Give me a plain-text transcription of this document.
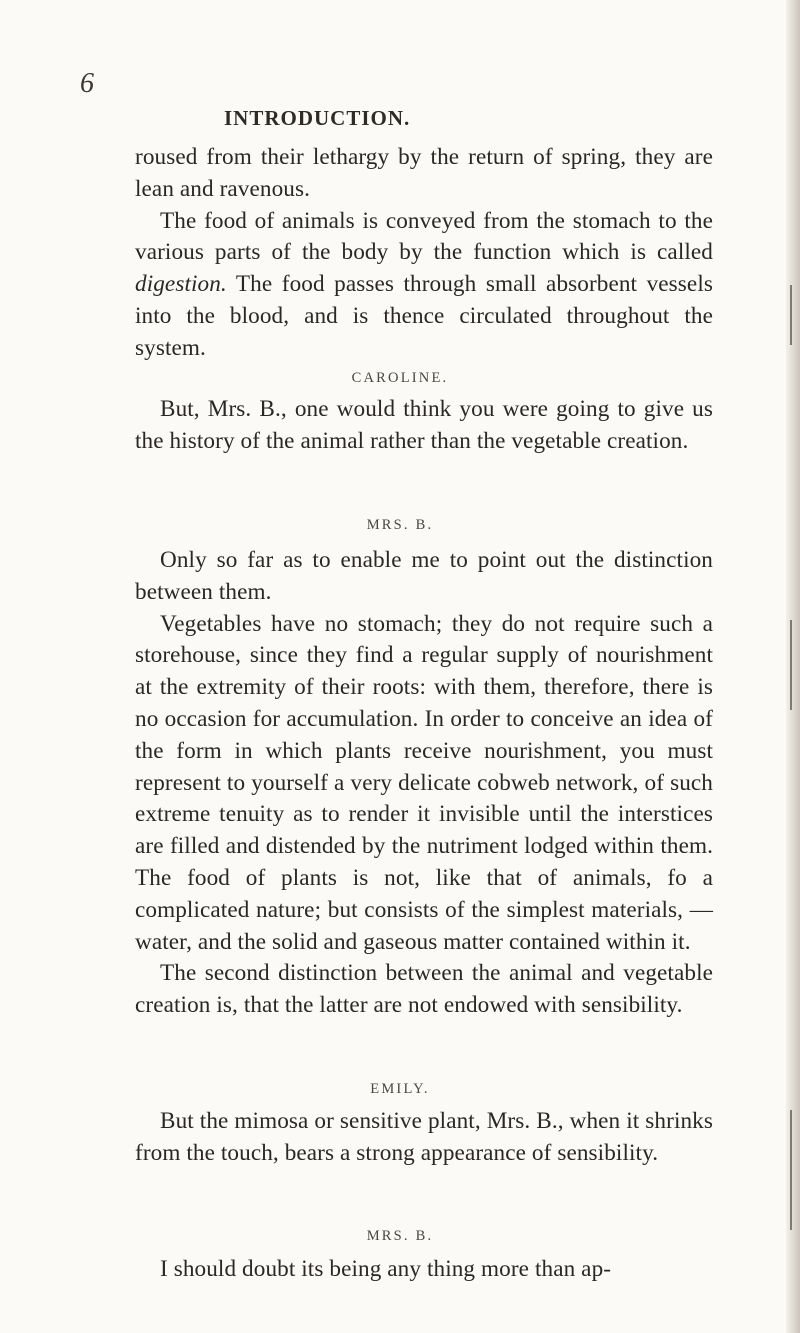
6
INTRODUCTION.

roused from their lethargy by the return of spring, they are lean and ravenous.

The food of animals is conveyed from the stomach to the various parts of the body by the function which is called digestion. The food passes through small absorbent vessels into the blood, and is thence circulated throughout the system.

CAROLINE.

But, Mrs. B., one would think you were going to give us the history of the animal rather than the vegetable creation.

MRS. B.

Only so far as to enable me to point out the distinction between them.

Vegetables have no stomach; they do not require such a storehouse, since they find a regular supply of nourishment at the extremity of their roots: with them, therefore, there is no occasion for accumulation. In order to conceive an idea of the form in which plants receive nourishment, you must represent to yourself a very delicate cobweb network, of such extreme tenuity as to render it invisible until the interstices are filled and distended by the nutriment lodged within them. The food of plants is not, like that of animals, fo a complicated nature; but consists of the simplest materials, — water, and the solid and gaseous matter contained within it.

The second distinction between the animal and vegetable creation is, that the latter are not endowed with sensibility.

EMILY.

But the mimosa or sensitive plant, Mrs. B., when it shrinks from the touch, bears a strong appearance of sensibility.

MRS. B.

I should doubt its being any thing more than ap-
